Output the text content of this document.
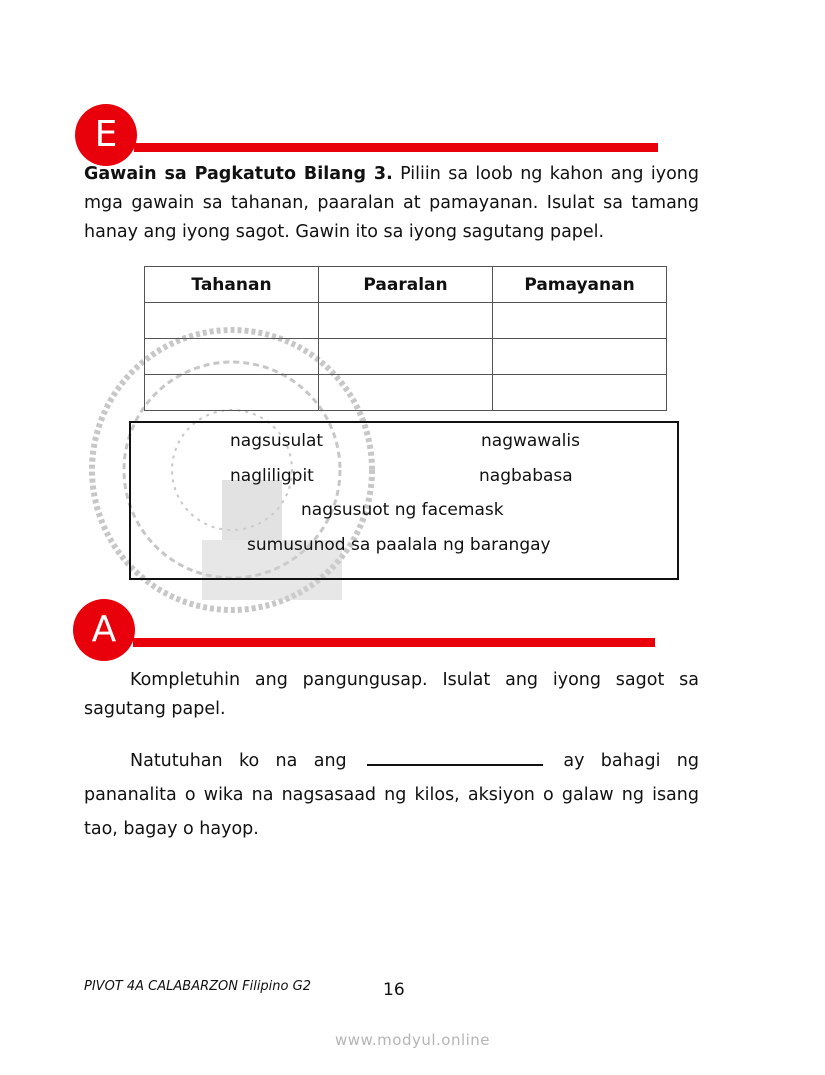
E
Gawain sa Pagkatuto Bilang 3. Piliin sa loob ng kahon ang iyong mga gawain sa tahanan, paaralan at pamayanan. Isulat sa tamang hanay ang iyong sagot. Gawin ito sa iyong sagutang papel.
Tahanan	Paaralan	Pamayanan

nagsusulat	nagwawalis
nagliligpit	nagbabasa
nagsusuot ng facemask
sumusunod sa paalala ng barangay
A
Kompletuhin ang pangungusap. Isulat ang iyong sagot sa sagutang papel.
Natutuhan ko na ang	ay bahagi ng pananalita o wika na nagsasaad ng kilos, aksiyon o galaw ng isang tao, bagay o hayop.
PIVOT 4A CALABARZON Filipino G2	16
www.modyul.online
